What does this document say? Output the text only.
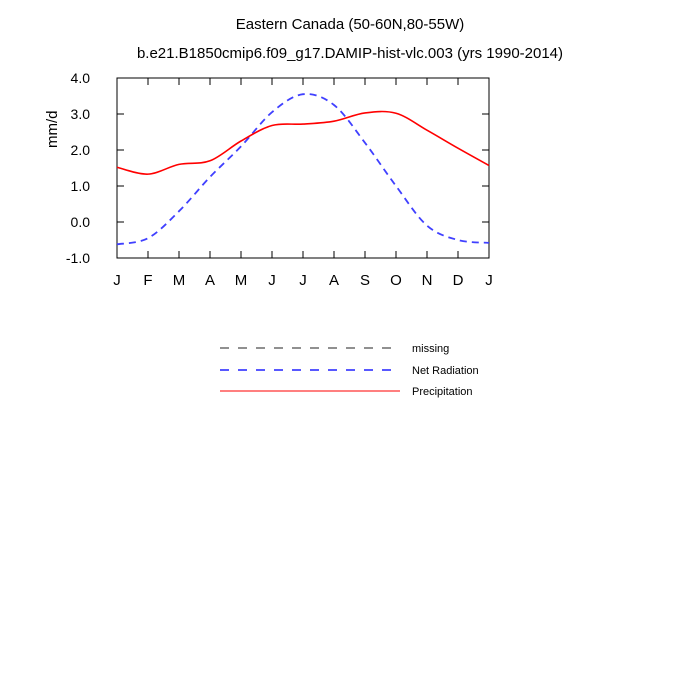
Eastern Canada (50-60N,80-55W)
b.e21.B1850cmip6.f09_g17.DAMIP-hist-vlc.003 (yrs 1990-2014)
mm/d
4.0
3.0
2.0
1.0
0.0
-1.0
J	F	M	A	M	J	J	A	S	O	N	D	J
missing
Net Radiation
Precipitation
